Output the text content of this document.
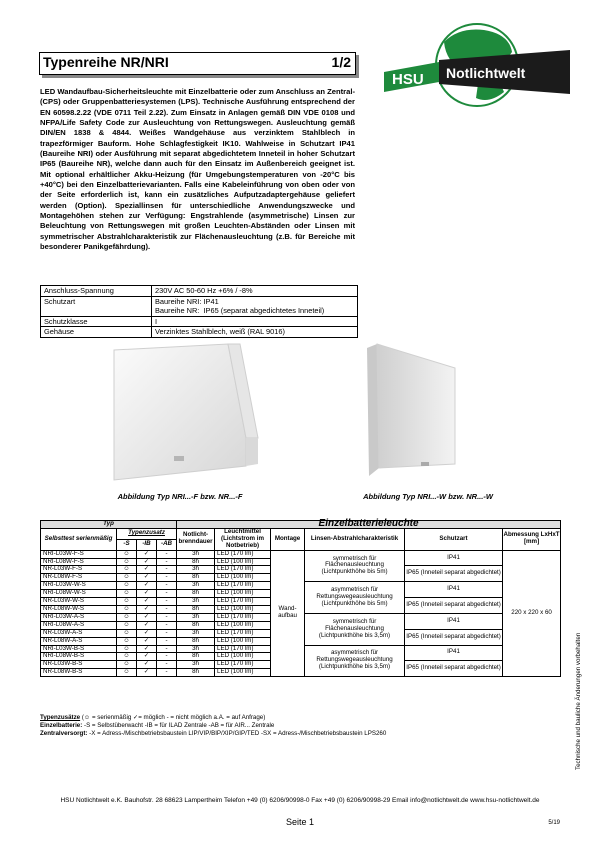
Typenreihe NR/NRI	1/2
HSU Notlichtwelt
LED Wandaufbau-Sicherheitsleuchte mit Einzelbatterie oder zum Anschluss an Zentral- (CPS) oder Gruppenbatteriesystemen (LPS). Technische Ausführung entsprechend der EN 60598.2.22 (VDE 0711 Teil 2.22). Zum Einsatz in Anlagen gemäß DIN VDE 0108 und NFPA/Life Safety Code zur Ausleuchtung von Rettungswegen. Ausleuchtung gemäß DIN/EN 1838 & 4844. Weißes Wandgehäuse aus verzinktem Stahlblech in trapezförmiger Bauform. Hohe Schlagfestigkeit IK10. Wahlweise in Schutzart IP41 (Baureihe NRI) oder Ausführung mit separat abgedichtetem Inneteil in hoher Schutzart IP65 (Baureihe NR), welche dann auch für den Einsatz im Außenbereich geeignet ist. Mit optional erhältlicher Akku-Heizung (für Umgebungstemperaturen von -20°C bis +40°C) bei den Einzelbatterievarianten. Falls eine Kabeleinführung von oben oder von der Seite erforderlich ist, kann ein zusätzliches Aufputzadaptergehäuse geliefert werden (Option). Speziallinsen für unterschiedliche Anwendungszwecke und Montagehöhen stehen zur Verfügung: Engstrahlende (asymmetrische) Linsen zur Beleuchtung von Rettungswegen mit großen Leuchten-Abständen oder Linsen mit symmetrischer Abstrahlcharakteristik zur Flächenausleuchtung (z.B. für Bereiche mit besonderer Panikgefährdung).
Anschluss-Spannung	230V AC 50-60 Hz +6% / -8%
Schutzart	Baureihe NRI: IP41
Baureihe NR:  IP65 (separat abgedichtetes Inneteil)

Schutzklasse	I
Gehäuse	Verzinktes Stahlblech, weiß (RAL 9016)
Abbildung Typ NRI...-F bzw. NR...-F	Abbildung Typ NRI...-W bzw. NR...-W
Typ				Einzelbatterieleuchte					
Selbsttest serienmäßig	Typenzusatz			Notlicht-brenndauer	Leuchtmittel (Lichtstrom im Notbetrieb)	Montage	Linsen-Abstrahlcharakteristik	Schutzart	Abmessung LxHxT [mm]
	-S	-IB	-AB						
NRI-L03W-F-S	☺	✓	-	3h	LED (170 lm)	Wand-aufbau	symmetrisch für Flächenausleuchtung (Lichtpunkthöhe bis 5m)	IP41	220 x 220 x 60
NRI-L08W-F-S	☺	✓	-	8h	LED (100 lm)				
NR-L03W-F-S	☺	✓	-	3h	LED (170 lm)			IP65 (Inneteil separat abgedichtet)	
NR-L08W-F-S	☺	✓	-	8h	LED (100 lm)				
NRI-L03W-W-S	☺	✓	-	3h	LED (170 lm)		asymmetrisch für Rettungswegeausleuchtung (Lichtpunkthöhe bis 5m)	IP41	
NRI-L08W-W-S	☺	✓	-	8h	LED (100 lm)				
NR-L03W-W-S	☺	✓	-	3h	LED (170 lm)			IP65 (Inneteil separat abgedichtet)	
NR-L08W-W-S	☺	✓	-	8h	LED (100 lm)				
NRI-L03W-A-S	☺	✓	-	3h	LED (170 lm)		symmetrisch für Flächenausleuchtung (Lichtpunkthöhe bis 3,5m)	IP41	
NRI-L08W-A-S	☺	✓	-	8h	LED (100 lm)				
NR-L03W-A-S	☺	✓	-	3h	LED (170 lm)			IP65 (Inneteil separat abgedichtet)	
NR-L08W-A-S	☺	✓	-	8h	LED (100 lm)				
NRI-L03W-B-S	☺	✓	-	3h	LED (170 lm)		asymmetrisch für Rettungswegeausleuchtung (Lichtpunkthöhe bis 3,5m)	IP41	
NRI-L08W-B-S	☺	✓	-	8h	LED (100 lm)				
NR-L03W-B-S	☺	✓	-	3h	LED (170 lm)			IP65 (Inneteil separat abgedichtet)	
NR-L08W-B-S	☺	✓	-	8h	LED (100 lm)				
Typenzusätze (☺ = serienmäßig ✓= möglich - = nicht möglich a.A. = auf Anfrage)
Einzelbatterie: -S = Selbstüberwacht -IB = für ILAD Zentrale -AB = für AIR... Zentrale
Zentralversorgt: -X = Adress-/Mischbetriebsbaustein LIP/VIP/BIP/XIP/GIP/TED -SX = Adress-/Mischbetriebsbaustein LPS260	Technische und bauliche Änderungen vorbehalten
HSU Notlichtwelt e.K. Bauhofstr. 28 68623 Lampertheim Telefon +49 (0) 6206/90998-0 Fax +49 (0) 6206/90998-29 Email info@notlichtwelt.de www.hsu-notlichtwelt.de
Seite 1	5/19
